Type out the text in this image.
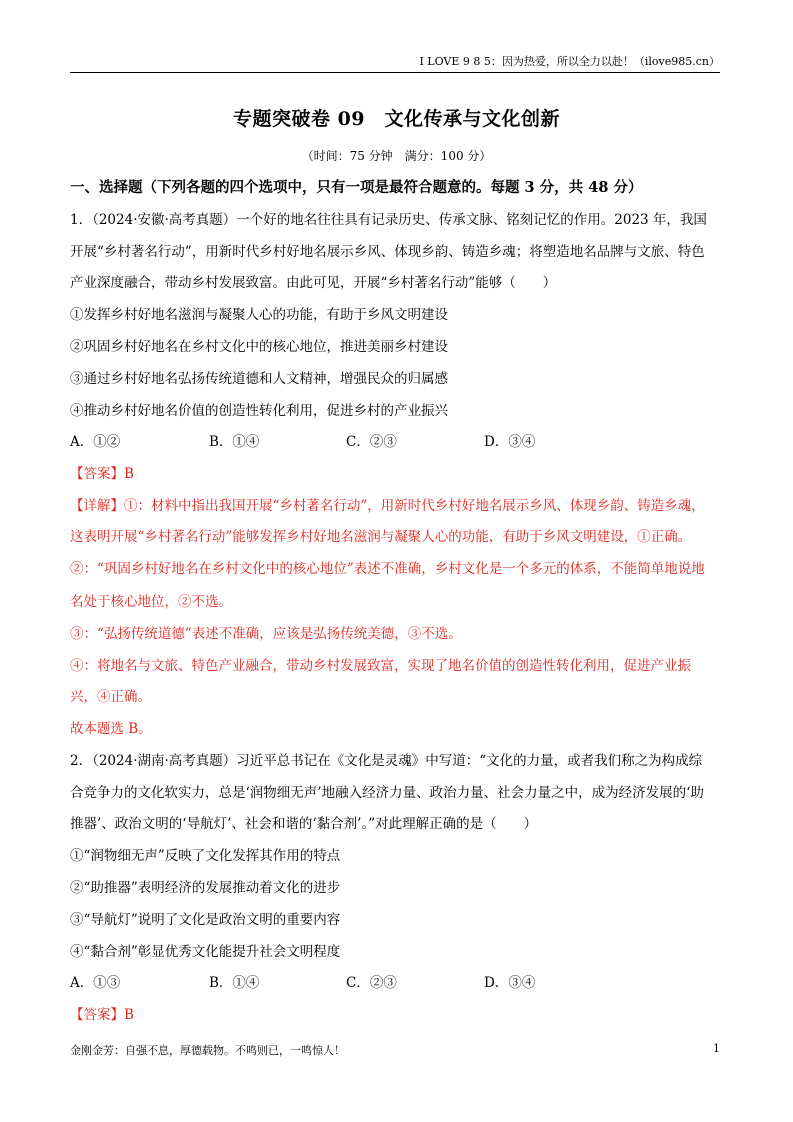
I LOVE 9 8 5：因为热爱，所以全力以赴！（ilove985.cn）
专题突破卷 09　文化传承与文化创新
（时间：75 分钟　满分：100 分）
一、选择题（下列各题的四个选项中，只有一项是最符合题意的。每题 3 分，共 48 分）
1．（2024·安徽·高考真题）一个好的地名往往具有记录历史、传承文脉、铭刻记忆的作用。2023 年，我国
开展“乡村著名行动”，用新时代乡村好地名展示乡风、体现乡韵、铸造乡魂；将塑造地名品牌与文旅、特色
产业深度融合，带动乡村发展致富。由此可见，开展“乡村著名行动”能够（　　）
①发挥乡村好地名滋润与凝聚人心的功能，有助于乡风文明建设
②巩固乡村好地名在乡村文化中的核心地位，推进美丽乡村建设
③通过乡村好地名弘扬传统道德和人文精神，增强民众的归属感
④推动乡村好地名价值的创造性转化利用，促进乡村的产业振兴
A．①②	B．①④	C．②③	D．③④
【答案】B
【详解】①：材料中指出我国开展“乡村著名行动”，用新时代乡村好地名展示乡风、体现乡韵、铸造乡魂，
这表明开展“乡村著名行动”能够发挥乡村好地名滋润与凝聚人心的功能，有助于乡风文明建设，①正确。
②：“巩固乡村好地名在乡村文化中的核心地位”表述不准确，乡村文化是一个多元的体系，不能简单地说地
名处于核心地位，②不选。
③：“弘扬传统道德”表述不准确，应该是弘扬传统美德，③不选。
④：将地名与文旅、特色产业融合，带动乡村发展致富，实现了地名价值的创造性转化利用，促进产业振
兴，④正确。
故本题选 B。
2．（2024·湖南·高考真题）习近平总书记在《文化是灵魂》中写道：“文化的力量，或者我们称之为构成综
合竞争力的文化软实力，总是‘润物细无声’地融入经济力量、政治力量、社会力量之中，成为经济发展的‘助
推器’、政治文明的‘导航灯’、社会和谐的‘黏合剂’。”对此理解正确的是（　　）
①“润物细无声”反映了文化发挥其作用的特点
②“助推器”表明经济的发展推动着文化的进步
③“导航灯”说明了文化是政治文明的重要内容
④“黏合剂”彰显优秀文化能提升社会文明程度
A．①③	B．①④	C．②③	D．③④
【答案】B
金刚金芳：自强不息，厚德载物。不鸣则已，一鸣惊人！	1
